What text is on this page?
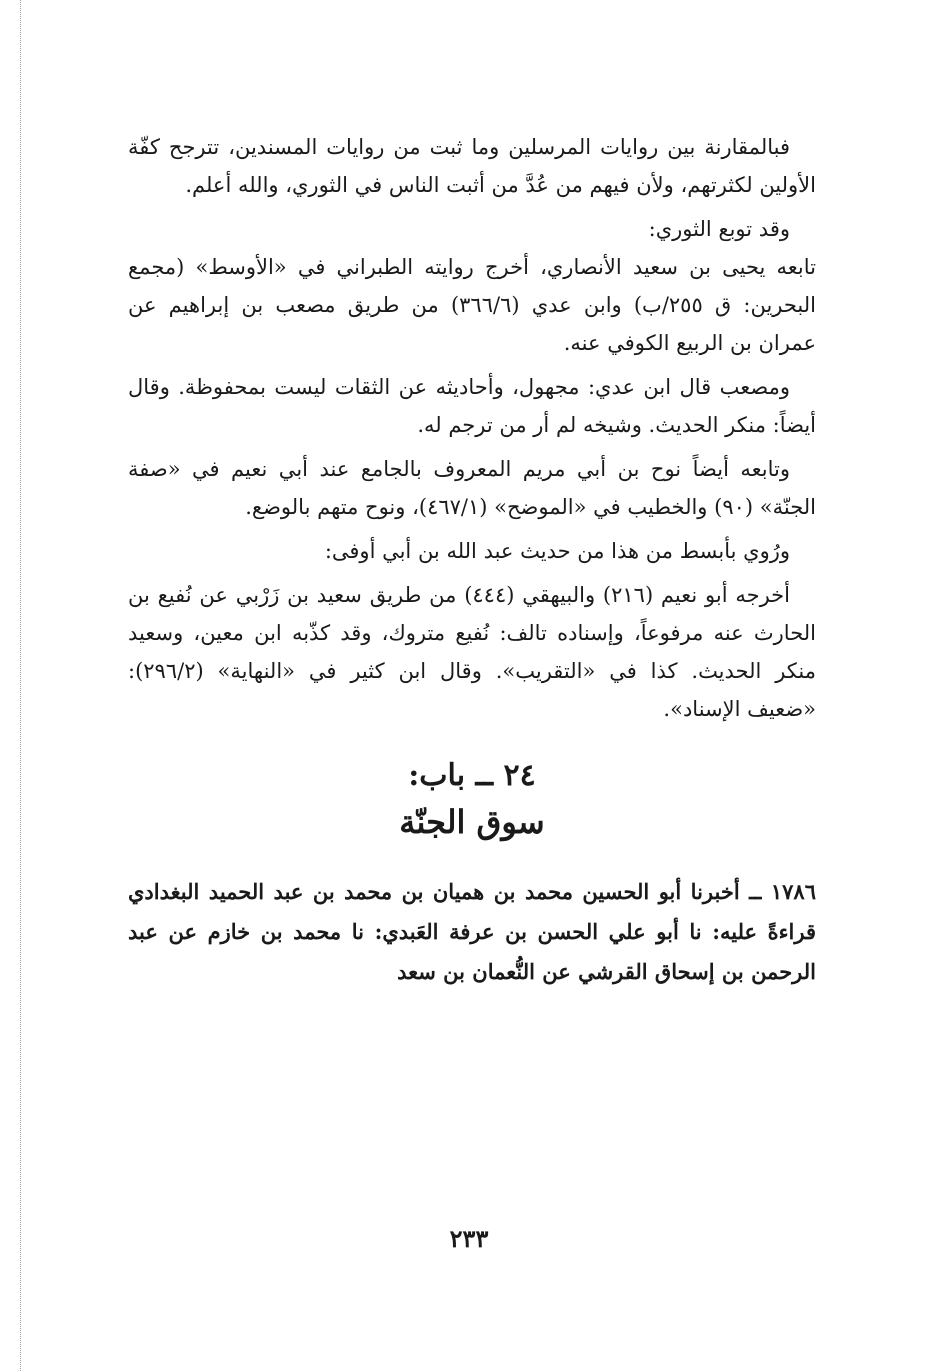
فبالمقارنة بين روايات المرسلين وما ثبت من روايات المسندين، تترجح كفّة الأولين لكثرتهم، ولأن فيهم من عُدَّ من أثبت الناس في الثوري، والله أعلم.

وقد توبع الثوري:

تابعه يحيى بن سعيد الأنصاري، أخرج روايته الطبراني في «الأوسط» (مجمع البحرين: ق ٢٥٥/ب) وابن عدي (٣٦٦/٦) من طريق مصعب بن إبراهيم عن عمران بن الربيع الكوفي عنه.

ومصعب قال ابن عدي: مجهول، وأحاديثه عن الثقات ليست بمحفوظة. وقال أيضاً: منكر الحديث. وشيخه لم أر من ترجم له.

وتابعه أيضاً نوح بن أبي مريم المعروف بالجامع عند أبي نعيم في «صفة الجنّة» (٩٠) والخطيب في «الموضح» (٤٦٧/١)، ونوح متهم بالوضع.

ورُوي بأبسط من هذا من حديث عبد الله بن أبي أوفى:

أخرجه أبو نعيم (٢١٦) والبيهقي (٤٤٤) من طريق سعيد بن زَرْبي عن نُفيع بن الحارث عنه مرفوعاً، وإسناده تالف: نُفيع متروك، وقد كذّبه ابن معين، وسعيد منكر الحديث. كذا في «التقريب». وقال ابن كثير في «النهاية» (٢٩٦/٢): «ضعيف الإسناد».

٢٤ ــ باب:
سوق الجنّة

١٧٨٦ ــ أخبرنا أبو الحسين محمد بن هميان بن محمد بن عبد الحميد البغدادي قراءةً عليه: نا أبو علي الحسن بن عرفة العَبدي: نا محمد بن خازم عن عبد الرحمن بن إسحاق القرشي عن النُّعمان بن سعد

٢٣٣
